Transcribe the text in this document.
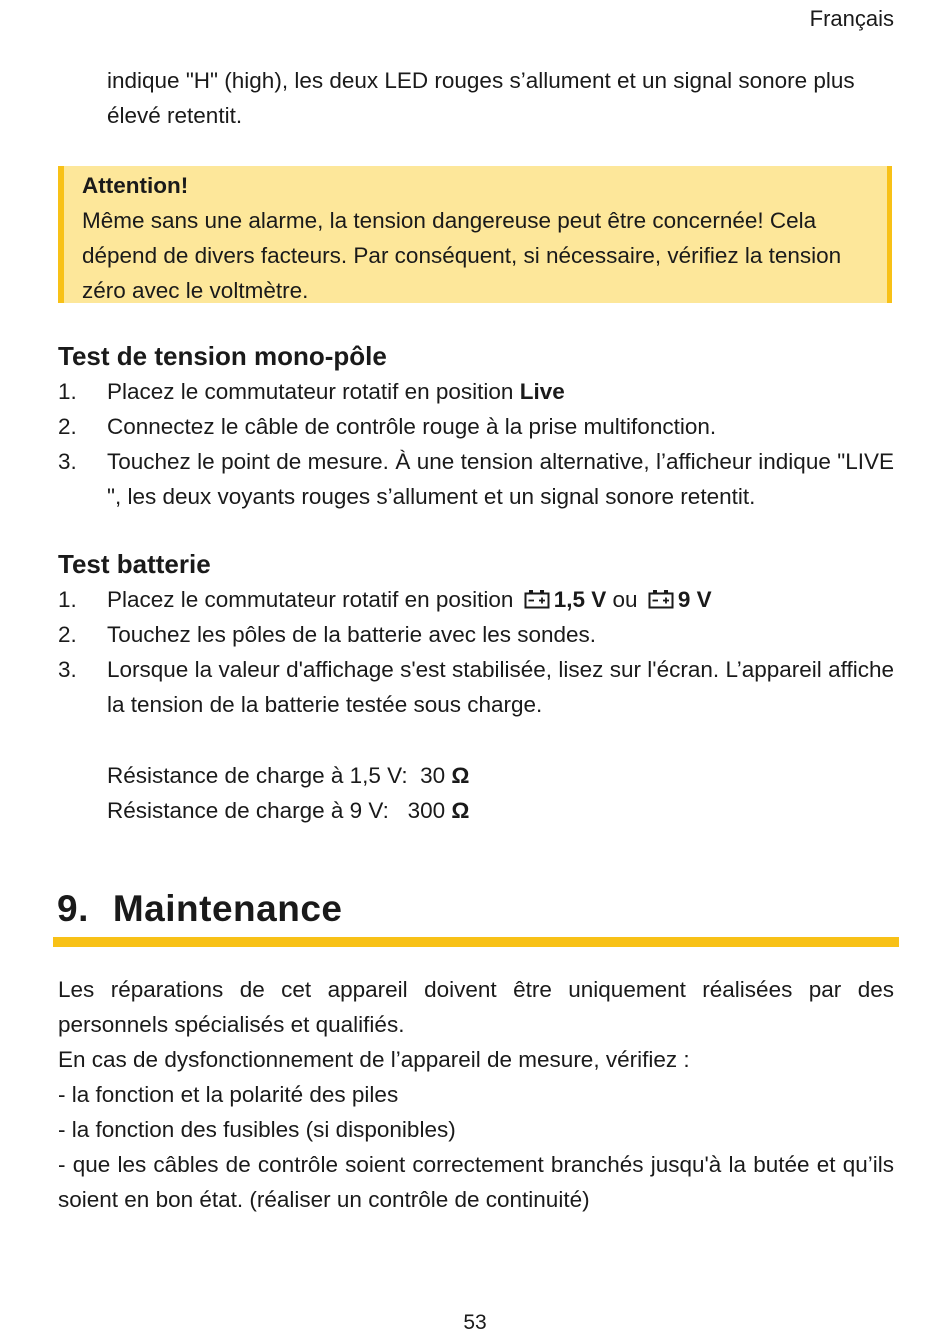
Français
indique "H" (high), les deux LED rouges s’allument et un signal sonore plus élevé retentit.
Attention!
Même sans une alarme, la tension dangereuse peut être concernée! Cela dépend de divers facteurs. Par conséquent, si nécessaire, vérifiez la tension zéro avec le voltmètre.
Test de tension mono-pôle
1. Placez le commutateur rotatif en position Live
2. Connectez le câble de contrôle rouge à la prise multifonction.
3. Touchez le point de mesure. À une tension alternative, l’afficheur indique "LIVE ", les deux voyants rouges s’allument et un signal sonore retentit.
Test batterie
1. Placez le commutateur rotatif en position 1,5 V ou 9 V
2. Touchez les pôles de la batterie avec les sondes.
3. Lorsque la valeur d'affichage s'est stabilisée, lisez sur l'écran. L’appareil affiche la tension de la batterie testée sous charge.
Résistance de charge à 1,5 V: 30 Ω
Résistance de charge à 9 V: 300 Ω
9. Maintenance
Les réparations de cet appareil doivent être uniquement réalisées par des personnels spécialisés et qualifiés.
En cas de dysfonctionnement de l’appareil de mesure, vérifiez :
- la fonction et la polarité des piles
- la fonction des fusibles (si disponibles)
- que les câbles de contrôle soient correctement branchés jusqu'à la butée et qu’ils soient en bon état. (réaliser un contrôle de continuité)
53
